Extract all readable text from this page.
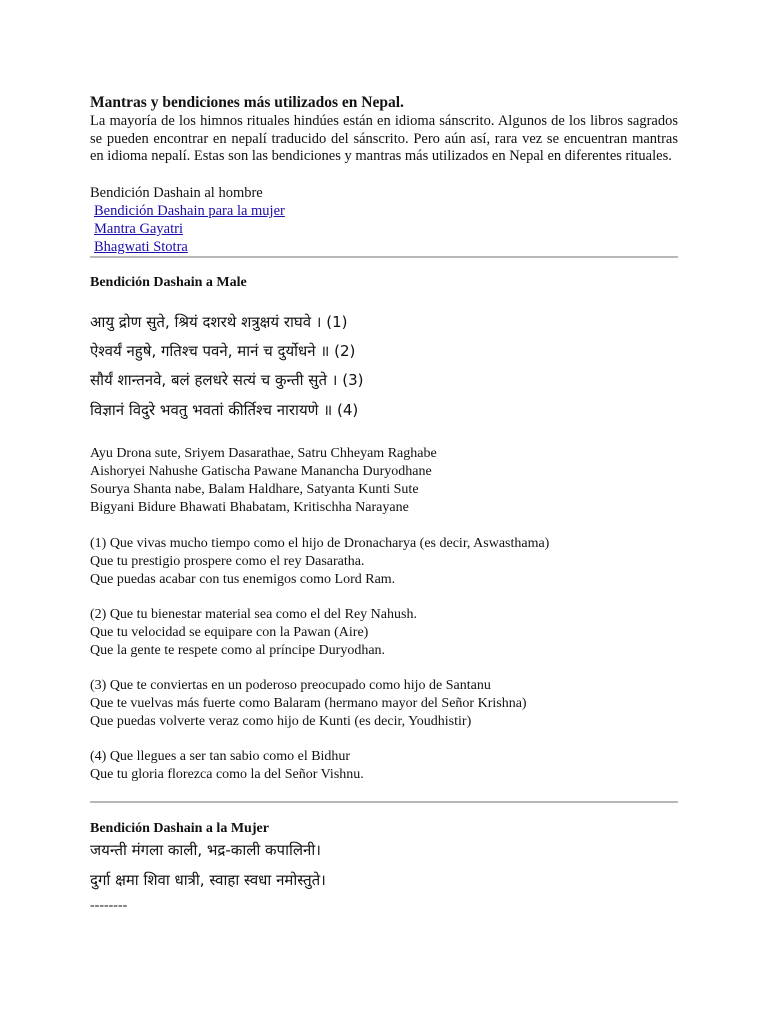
Mantras y bendiciones más utilizados en Nepal.

La mayoría de los himnos rituales hindúes están en idioma sánscrito. Algunos de los libros sagrados se pueden encontrar en nepalí traducido del sánscrito. Pero aún así, rara vez se encuentran mantras en idioma nepalí. Estas son las bendiciones y mantras más utilizados en Nepal en diferentes rituales.

Bendición Dashain al hombre
Bendición Dashain para la mujer
Mantra Gayatri
Bhagwati Stotra
Bendición Dashain a Male
आयु द्रोण सुते, श्रियं दशरथे शत्रुक्षयं राघवे । (1)
ऐश्वर्यं नहुषे, गतिश्च पवने, मानं च दुर्योधने ॥ (2)
सौर्यं शान्तनवे, बलं हलधरे सत्यं च कुन्ती सुते । (3)
विज्ञानं विदुरे भवतु भवतां कीर्तिश्च नारायणे ॥ (4)
Ayu Drona sute, Sriyem Dasarathae, Satru Chheyam Raghabe
Aishoryei Nahushe Gatischa Pawane Manancha Duryodhane
Sourya Shanta nabe, Balam Haldhare, Satyanta Kunti Sute
Bigyani Bidure Bhawati Bhabatam, Kritischha Narayane
(1) Que vivas mucho tiempo como el hijo de Dronacharya (es decir, Aswasthama)
Que tu prestigio prospere como el rey Dasaratha.
Que puedas acabar con tus enemigos como Lord Ram.
(2) Que tu bienestar material sea como el del Rey Nahush.
Que tu velocidad se equipare con la Pawan (Aire)
Que la gente te respete como al príncipe Duryodhan.
(3) Que te conviertas en un poderoso preocupado como hijo de Santanu
Que te vuelvas más fuerte como Balaram (hermano mayor del Señor Krishna)
Que puedas volverte veraz como hijo de Kunti (es decir, Youdhistir)
(4) Que llegues a ser tan sabio como el Bidhur
Que tu gloria florezca como la del Señor Vishnu.
Bendición Dashain a la Mujer
जयन्ती मंगला काली, भद्र-काली कपालिनी।
दुर्गा क्षमा शिवा धात्री, स्वाहा स्वधा नमोस्तुते।
--------
